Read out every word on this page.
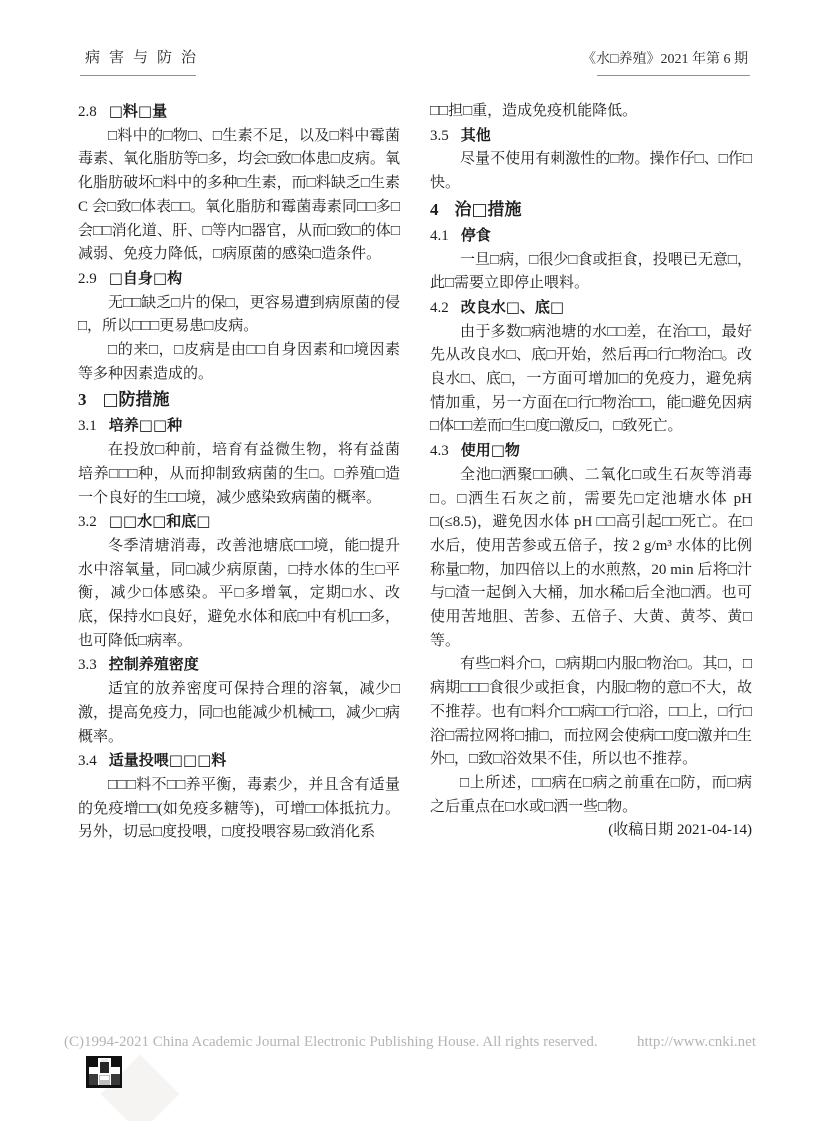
病害与防治	《水□养殖》2021 年第 6 期
2.8 □料□量

□料中的□物□、□生素不足，以及□料中霉菌毒素、氧化脂肪等□多，均会□致□体患□皮病。氧化脂肪破坏□料中的多种□生素，而□料缺乏□生素 C 会□致□体表□□。氧化脂肪和霉菌毒素同□□多□会□□消化道、肝、□等内□器官，从而□致□的体□减弱、免疫力降低，□病原菌的感染□造条件。

2.9 □自身□构

无□□缺乏□片的保□，更容易遭到病原菌的侵□，所以□□□更易患□皮病。

□的来□，□皮病是由□□自身因素和□境因素等多种因素造成的。

3 □防措施
3.1 培养□□种

在投放□种前，培育有益微生物，将有益菌培养□□□种，从而抑制致病菌的生□。□养殖□造一个良好的生□□境，减少感染致病菌的概率。

3.2 □□水□和底□

冬季清塘消毒，改善池塘底□□境，能□提升水中溶氧量，同□减少病原菌，□持水体的生□平衡，减少□体感染。平□多增氧，定期□水、改底，保持水□良好，避免水体和底□中有机□□多，也可降低□病率。

3.3 控制养殖密度

适宜的放养密度可保持合理的溶氧，减少□激，提高免疫力，同□也能减少机械□□，减少□病概率。

3.4 适量投喂□□□料

□□□料不□□养平衡，毒素少，并且含有适量的免疫增□□(如免疫多糖等)，可增□□体抵抗力。另外，切忌□度投喂，□度投喂容易□致消化系

□□担□重，造成免疫机能降低。

3.5 其他

尽量不使用有刺激性的□物。操作仔□、□作□快。

4 治□措施
4.1 停食

一旦□病，□很少□食或拒食，投喂已无意□，此□需要立即停止喂料。

4.2 改良水□、底□

由于多数□病池塘的水□□差，在治□□，最好先从改良水□、底□开始，然后再□行□物治□。改良水□、底□，一方面可增加□的免疫力，避免病情加重，另一方面在□行□物治□□，能□避免因病□体□□差而□生□度□激反□，□致死亡。

4.3 使用□物

全池□洒聚□□碘、二氧化□或生石灰等消毒□。□洒生石灰之前，需要先□定池塘水体 pH □(≤8.5)，避免因水体 pH □□高引起□□死亡。在□水后，使用苦参或五倍子，按 2 g/m³ 水体的比例称量□物，加四倍以上的水煎熬，20 min 后将□汁与□渣一起倒入大桶，加水稀□后全池□洒。也可使用苦地胆、苦参、五倍子、大黄、黄芩、黄□等。

有些□料介□，□病期□内服□物治□。其□，□病期□□□食很少或拒食，内服□物的意□不大，故不推荐。也有□料介□□病□□行□浴，□□上，□行□浴□需拉网将□捕□，而拉网会使病□□度□激并□生外□，□致□浴效果不佳，所以也不推荐。

□上所述，□□病在□病之前重在□防，而□病之后重点在□水或□洒一些□物。

(收稿日期 2021-04-14)

(C)1994-2021 China Academic Journal Electronic Publishing House. All rights reserved.	http://www.cnki.net
